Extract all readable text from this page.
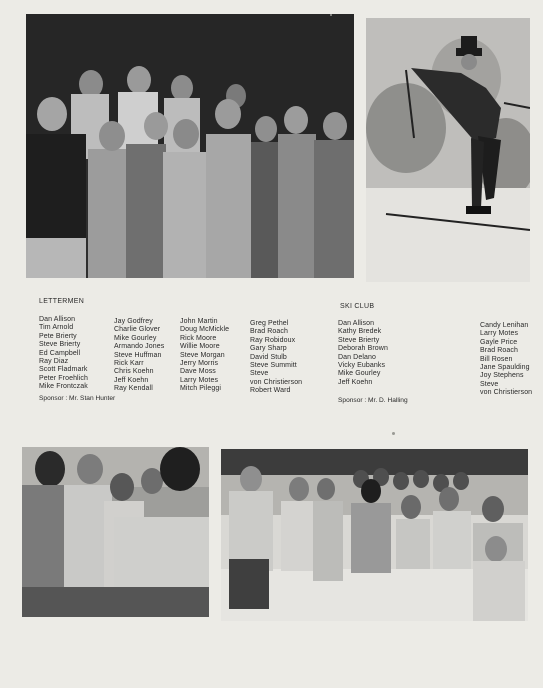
LETTERMEN
Dan Allison
Tim Arnold
Pete Brierty
Steve Brierty
Ed Campbell
Ray Diaz
Scott Fladmark
Peter Froehlich
Mike Frontczak
Jay Godfrey
Charlie Glover
Mike Gourley
Armando Jones
Steve Huffman
Rick Karr
Chris Koehn
Jeff Koehn
Ray Kendall
John Martin
Doug McMickle
Rick Moore
Willie Moore
Steve Morgan
Jerry Morris
Dave Moss
Larry Motes
Mitch Pileggi
Greg Pethel
Brad Roach
Ray Robidoux
Gary Sharp
David Stulb
Steve Summitt
Steve
von Christierson
Robert Ward
Sponsor : Mr. Stan Hunter
SKI CLUB
Dan Allison
Kathy Bredek
Steve Brierty
Deborah Brown
Dan Delano
Vicky Eubanks
Mike Gourley
Jeff Koehn
Candy Lenihan
Larry Motes
Gayle Price
Brad Roach
Bill Rosen
Jane Spaulding
Joy Stephens
Steve
von Christierson
Sponsor : Mr. D. Halling
